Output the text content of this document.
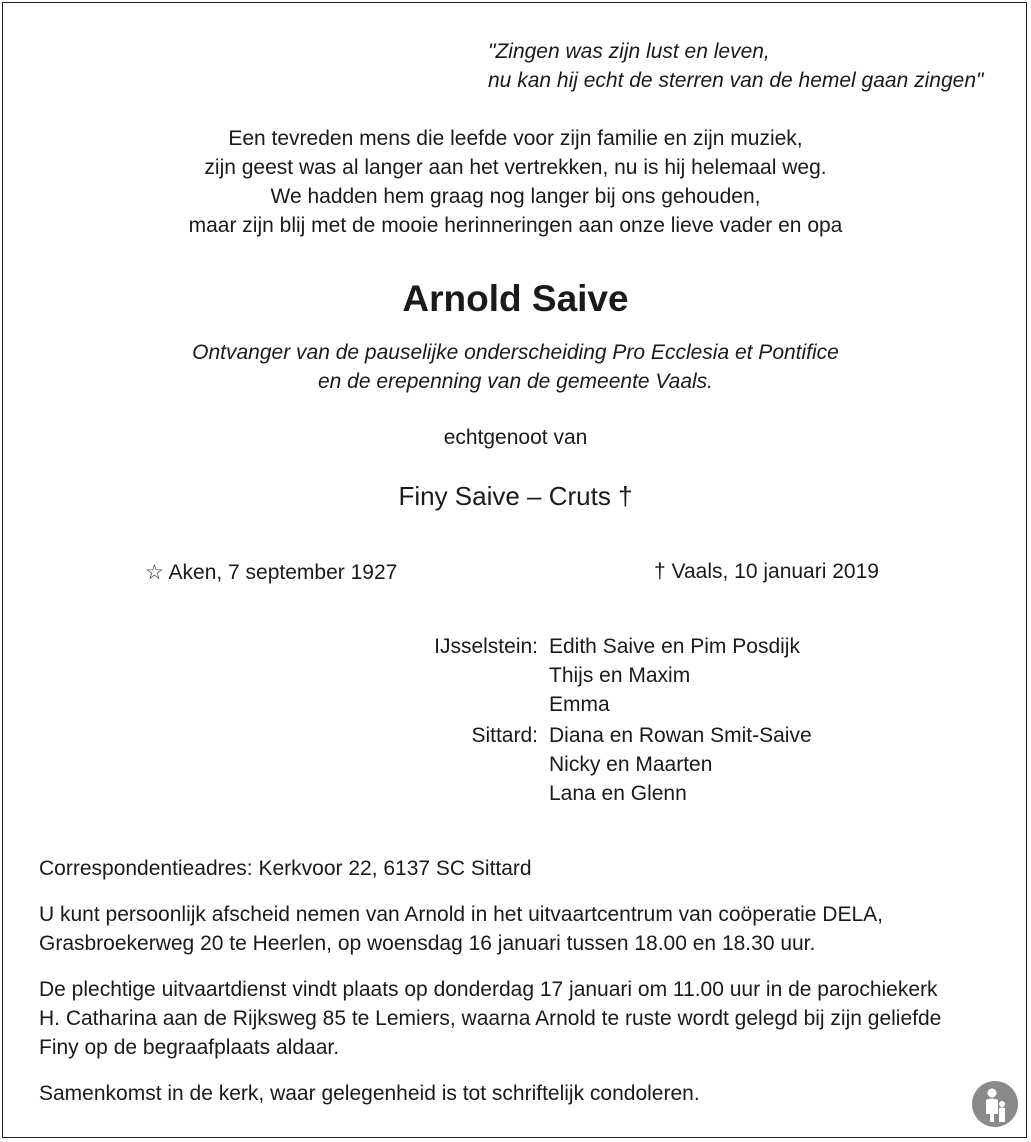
"Zingen was zijn lust en leven,
nu kan hij echt de sterren van de hemel gaan zingen"
Een tevreden mens die leefde voor zijn familie en zijn muziek,
zijn geest was al langer aan het vertrekken, nu is hij helemaal weg.
We hadden hem graag nog langer bij ons gehouden,
maar zijn blij met de mooie herinneringen aan onze lieve vader en opa
Arnold Saive
Ontvanger van de pauselijke onderscheiding Pro Ecclesia et Pontifice
en de erepenning van de gemeente Vaals.
echtgenoot van
Finy Saive – Cruts †
☆ Aken, 7 september 1927	† Vaals, 10 januari 2019
IJsselstein: Edith Saive en Pim Posdijk
Thijs en Maxim
Emma
Sittard: Diana en Rowan Smit-Saive
Nicky en Maarten
Lana en Glenn
Correspondentieadres: Kerkvoor 22, 6137 SC Sittard
U kunt persoonlijk afscheid nemen van Arnold in het uitvaartcentrum van coöperatie DELA,
Grasbroekerweg 20 te Heerlen, op woensdag 16 januari tussen 18.00 en 18.30 uur.
De plechtige uitvaartdienst vindt plaats op donderdag 17 januari om 11.00 uur in de parochiekerk
H. Catharina aan de Rijksweg 85 te Lemiers, waarna Arnold te ruste wordt gelegd bij zijn geliefde
Finy op de begraafplaats aldaar.
Samenkomst in de kerk, waar gelegenheid is tot schriftelijk condoleren.
